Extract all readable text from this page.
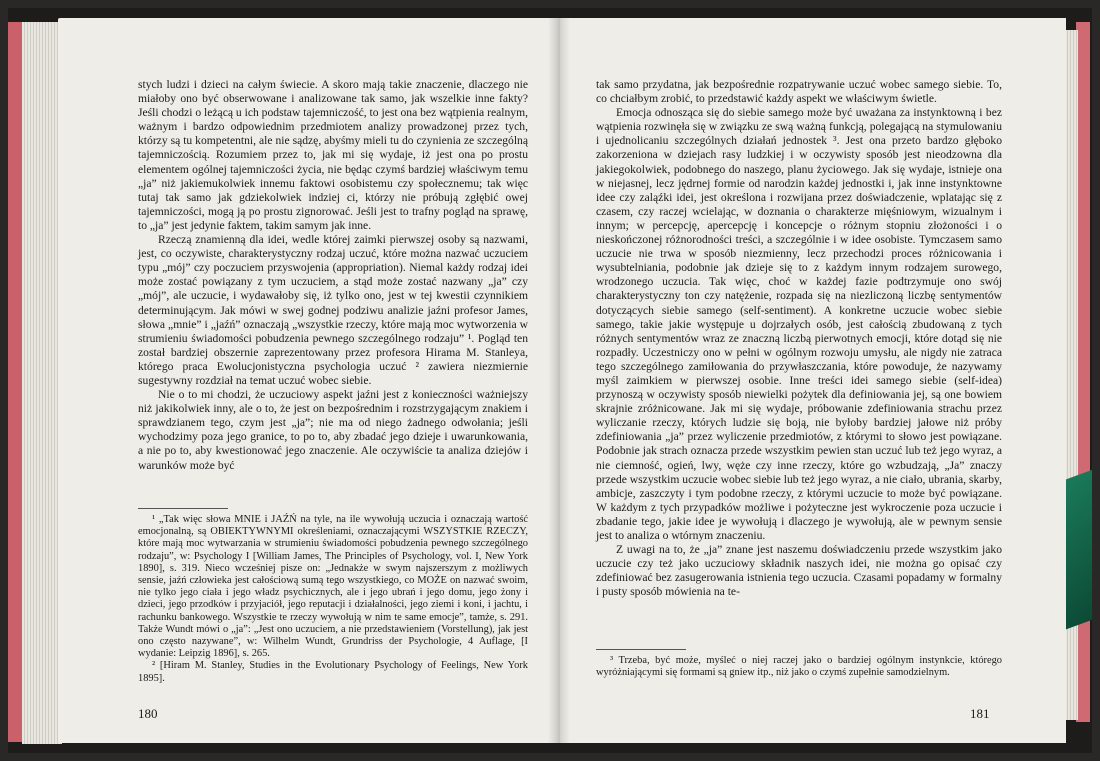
stych ludzi i dzieci na całym świecie. A skoro mają takie znaczenie, dlaczego nie miałoby ono być obserwowane i analizowane tak samo, jak wszelkie inne fakty? Jeśli chodzi o leżącą u ich podstaw tajemniczość, to jest ona bez wątpienia realnym, ważnym i bardzo odpowiednim przedmiotem analizy prowadzonej przez tych, którzy są tu kompetentni, ale nie sądzę, abyśmy mieli tu do czynienia ze szczególną tajemniczością. Rozumiem przez to, jak mi się wydaje, iż jest ona po prostu elementem ogólnej tajemniczości życia, nie będąc czymś bardziej właściwym temu „ja” niż jakiemukolwiek innemu faktowi osobistemu czy społecznemu; tak więc tutaj tak samo jak gdziekolwiek indziej ci, którzy nie próbują zgłębić owej tajemniczości, mogą ją po prostu zignorować. Jeśli jest to trafny pogląd na sprawę, to „ja” jest jedynie faktem, takim samym jak inne.

Rzeczą znamienną dla idei, wedle której zaimki pierwszej osoby są nazwami, jest, co oczywiste, charakterystyczny rodzaj uczuć, które można nazwać uczuciem typu „mój” czy poczuciem przyswojenia (appropriation). Niemal każdy rodzaj idei może zostać powiązany z tym uczuciem, a stąd może zostać nazwany „ja” czy „mój”, ale uczucie, i wydawałoby się, iż tylko ono, jest w tej kwestii czynnikiem determinującym. Jak mówi w swej godnej podziwu analizie jaźni profesor James, słowa „mnie” i „jaźń” oznaczają „wszystkie rzeczy, które mają moc wytworzenia w strumieniu świadomości pobudzenia pewnego szczególnego rodzaju” ¹. Pogląd ten został bardziej obszernie zaprezentowany przez profesora Hirama M. Stanleya, którego praca Ewolucjonistyczna psychologia uczuć ² zawiera niezmiernie sugestywny rozdział na temat uczuć wobec siebie.

Nie o to mi chodzi, że uczuciowy aspekt jaźni jest z konieczności ważniejszy niż jakikolwiek inny, ale o to, że jest on bezpośrednim i rozstrzygającym znakiem i sprawdzianem tego, czym jest „ja”; nie ma od niego żadnego odwołania; jeśli wychodzimy poza jego granice, to po to, aby zbadać jego dzieje i uwarunkowania, a nie po to, aby kwestionować jego znaczenie. Ale oczywiście ta analiza dziejów i warunków może być

¹ „Tak więc słowa MNIE i JAŹŃ na tyle, na ile wywołują uczucia i oznaczają wartość emocjonalną, są OBIEKTYWNYMI określeniami, oznaczającymi WSZYSTKIE RZECZY, które mają moc wytwarzania w strumieniu świadomości pobudzenia pewnego szczególnego rodzaju”, w: Psychology I [William James, The Principles of Psychology, vol. I, New York 1890], s. 319. Nieco wcześniej pisze on: „Jednakże w swym najszerszym z możliwych sensie, jaźń człowieka jest całościową sumą tego wszystkiego, co MOŻE on nazwać swoim, nie tylko jego ciała i jego władz psychicznych, ale i jego ubrań i jego domu, jego żony i dzieci, jego przodków i przyjaciół, jego reputacji i działalności, jego ziemi i koni, i jachtu, i rachunku bankowego. Wszystkie te rzeczy wywołują w nim te same emocje”, tamże, s. 291. Także Wundt mówi o „ja”: „Jest ono uczuciem, a nie przedstawieniem (Vorstellung), jak jest ono często nazywane”, w: Wilhelm Wundt, Grundriss der Psychologie, 4 Auflage, [I wydanie: Leipzig 1896], s. 265.

² [Hiram M. Stanley, Studies in the Evolutionary Psychology of Feelings, New York 1895].

180

tak samo przydatna, jak bezpośrednie rozpatrywanie uczuć wobec samego siebie. To, co chciałbym zrobić, to przedstawić każdy aspekt we właściwym świetle.

Emocja odnosząca się do siebie samego może być uważana za instynktowną i bez wątpienia rozwinęła się w związku ze swą ważną funkcją, polegającą na stymulowaniu i ujednolicaniu szczególnych działań jednostek ³. Jest ona przeto bardzo głęboko zakorzeniona w dziejach rasy ludzkiej i w oczywisty sposób jest nieodzowna dla jakiegokolwiek, podobnego do naszego, planu życiowego. Jak się wydaje, istnieje ona w niejasnej, lecz jędrnej formie od narodzin każdej jednostki i, jak inne instynktowne idee czy zaląźki idei, jest określona i rozwijana przez doświadczenie, wplatając się z czasem, czy raczej wcielając, w doznania o charakterze mięśniowym, wizualnym i innym; w percepcję, apercepcję i koncepcje o różnym stopniu złożoności i o nieskończonej różnorodności treści, a szczególnie i w idee osobiste. Tymczasem samo uczucie nie trwa w sposób niezmienny, lecz przechodzi proces różnicowania i wysubtelniania, podobnie jak dzieje się to z każdym innym rodzajem surowego, wrodzonego uczucia. Tak więc, choć w każdej fazie podtrzymuje ono swój charakterystyczny ton czy natężenie, rozpada się na niezliczoną liczbę sentymentów dotyczących siebie samego (self-sentiment). A konkretne uczucie wobec siebie samego, takie jakie występuje u dojrzałych osób, jest całością zbudowaną z tych różnych sentymentów wraz ze znaczną liczbą pierwotnych emocji, które dotąd się nie rozpadły. Uczestniczy ono w pełni w ogólnym rozwoju umysłu, ale nigdy nie zatraca tego szczególnego zamiłowania do przywłaszczania, które powoduje, że nazywamy myśl zaimkiem w pierwszej osobie. Inne treści idei samego siebie (self-idea) przynoszą w oczywisty sposób niewielki pożytek dla definiowania jej, są one bowiem skrajnie zróżnicowane. Jak mi się wydaje, próbowanie zdefiniowania strachu przez wyliczanie rzeczy, których ludzie się boją, nie byłoby bardziej jałowe niż próby zdefiniowania „ja” przez wyliczenie przedmiotów, z którymi to słowo jest powiązane. Podobnie jak strach oznacza przede wszystkim pewien stan uczuć lub też jego wyraz, a nie ciemność, ogień, lwy, węże czy inne rzeczy, które go wzbudzają, „Ja” znaczy przede wszystkim uczucie wobec siebie lub też jego wyraz, a nie ciało, ubrania, skarby, ambicje, zaszczyty i tym podobne rzeczy, z którymi uczucie to może być powiązane. W każdym z tych przypadków możliwe i pożyteczne jest wykroczenie poza uczucie i zbadanie tego, jakie idee je wywołują i dlaczego je wywołują, ale w pewnym sensie jest to analiza o wtórnym znaczeniu.

Z uwagi na to, że „ja” znane jest naszemu doświadczeniu przede wszystkim jako uczucie czy też jako uczuciowy składnik naszych idei, nie można go opisać czy zdefiniować bez zasugerowania istnienia tego uczucia. Czasami popadamy w formalny i pusty sposób mówienia na te-

³ Trzeba, być może, myśleć o niej raczej jako o bardziej ogólnym instynkcie, którego wyróżniającymi się formami są gniew itp., niż jako o czymś zupełnie samodzielnym.

181
